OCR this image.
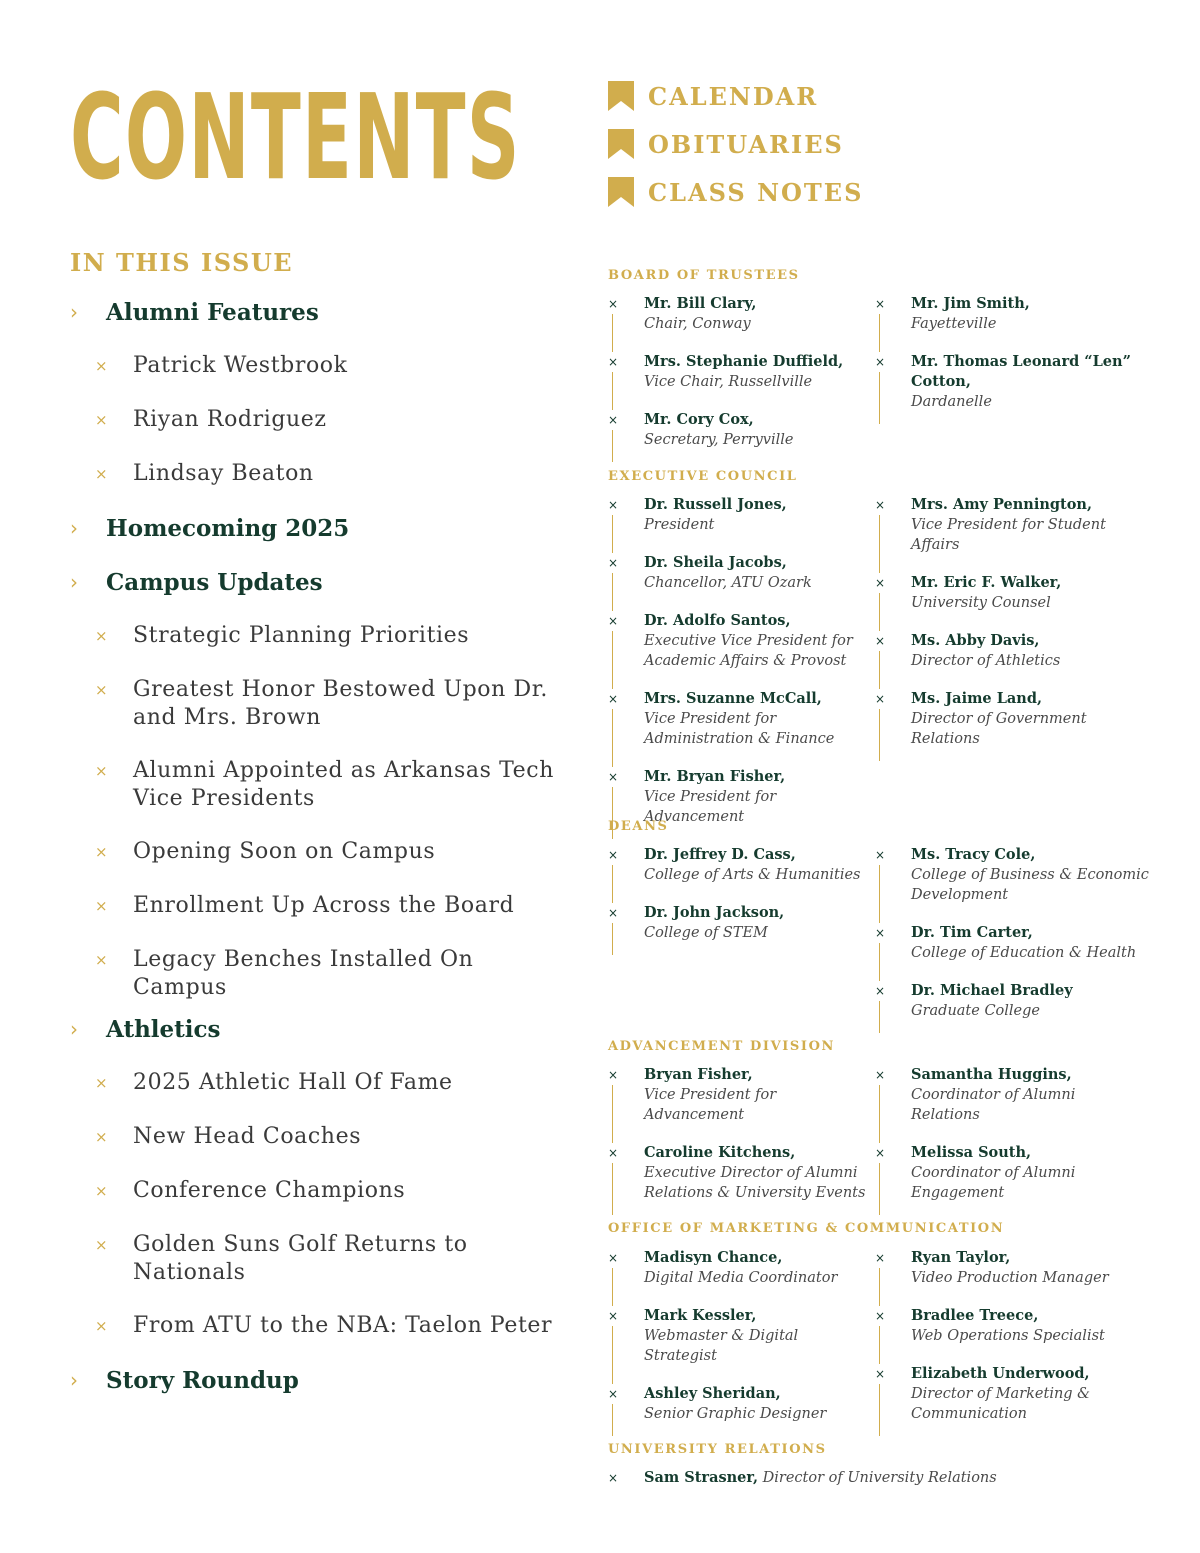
CONTENTS	CALENDAR
OBITUARIES
CLASS NOTES
IN THIS ISSUE
›	Alumni Features
×	Patrick Westbrook
×	Riyan Rodriguez
×	Lindsay Beaton
›	Homecoming 2025
›	Campus Updates
×	Strategic Planning Priorities
×	Greatest Honor Bestowed Upon Dr. and Mrs. Brown
×	Alumni Appointed as Arkansas Tech Vice Presidents
×	Opening Soon on Campus
×	Enrollment Up Across the Board
×	Legacy Benches Installed On Campus
›	Athletics
×	2025 Athletic Hall Of Fame
×	New Head Coaches
×	Conference Champions
×	Golden Suns Golf Returns to Nationals
×	From ATU to the NBA: Taelon Peter
›	Story Roundup
BOARD OF TRUSTEES
× Mr. Bill Clary,
Chair, Conway
× Mrs. Stephanie Duffield,
Vice Chair, Russellville
× Mr. Cory Cox,
Secretary, Perryville
× Mr. Jim Smith,
Fayetteville
× Mr. Thomas Leonard “Len” Cotton,
Dardanelle
EXECUTIVE COUNCIL
× Dr. Russell Jones,
President
× Dr. Sheila Jacobs,
Chancellor, ATU Ozark
× Dr. Adolfo Santos,
Executive Vice President for Academic Affairs & Provost
× Mrs. Suzanne McCall,
Vice President for Administration & Finance
× Mr. Bryan Fisher,
Vice President for Advancement
× Mrs. Amy Pennington,
Vice President for Student Affairs
× Mr. Eric F. Walker,
University Counsel
× Ms. Abby Davis,
Director of Athletics
× Ms. Jaime Land,
Director of Government Relations
DEANS
× Dr. Jeffrey D. Cass,
College of Arts & Humanities
× Dr. John Jackson,
College of STEM
× Ms. Tracy Cole,
College of Business & Economic Development
× Dr. Tim Carter,
College of Education & Health
× Dr. Michael Bradley
Graduate College
ADVANCEMENT DIVISION
× Bryan Fisher,
Vice President for Advancement
× Caroline Kitchens,
Executive Director of Alumni Relations & University Events
× Samantha Huggins,
Coordinator of Alumni Relations
× Melissa South,
Coordinator of Alumni Engagement
OFFICE OF MARKETING & COMMUNICATION
× Madisyn Chance,
Digital Media Coordinator
× Mark Kessler,
Webmaster & Digital Strategist
× Ashley Sheridan,
Senior Graphic Designer
× Ryan Taylor,
Video Production Manager
× Bradlee Treece,
Web Operations Specialist
× Elizabeth Underwood,
Director of Marketing & Communication
UNIVERSITY RELATIONS
× Sam Strasner, Director of University Relations
